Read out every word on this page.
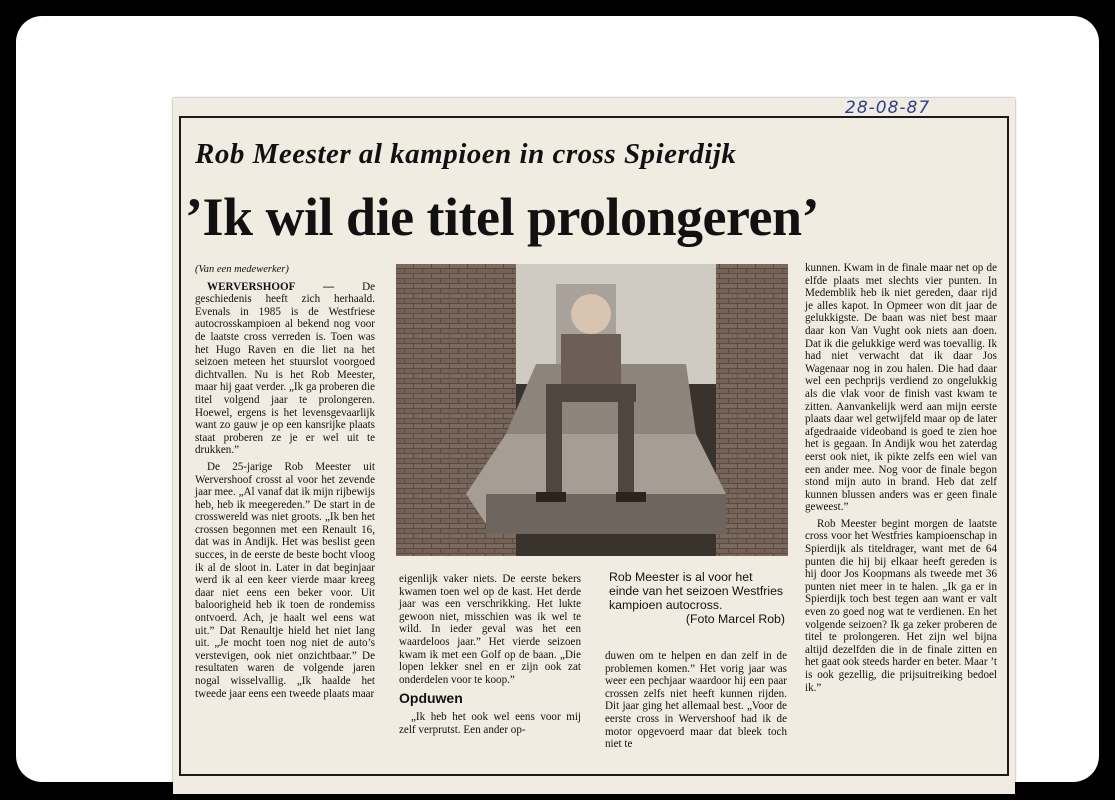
28-08-87
Rob Meester al kampioen in cross Spierdijk
’Ik wil die titel prolongeren’

(Van een medewerker)

WERVERSHOOF —	De geschiedenis heeft zich herhaald. Evenals in 1985 is de Westfriese autocrosskampioen al bekend nog voor de laatste cross verreden is. Toen was het Hugo Raven en die liet na het seizoen meteen het stuurslot voorgoed dichtvallen. Nu is het Rob Meester, maar hij gaat verder. „Ik ga proberen die titel volgend jaar te prolongeren. Hoewel, ergens is het levensgevaarlijk want zo gauw je op een kansrijke plaats staat proberen ze je er wel uit te drukken.”

De 25-jarige Rob Meester uit Wervershoof crosst al voor het zevende jaar mee. „Al vanaf dat ik mijn rijbewijs heb, heb ik meegereden.” De start in de crosswereld was niet groots. „Ik ben het crossen begonnen met een Renault 16, dat was in Andijk. Het was beslist geen succes, in de eerste de beste bocht vloog ik al de sloot in. Later in dat beginjaar werd ik al een keer vierde maar kreeg daar niet eens een beker voor. Uit baloorigheid heb ik toen de rondemiss ontvoerd. Ach, je haalt wel eens wat uit.” Dat Renaultje hield het niet lang uit. „Je mocht toen nog niet de auto’s verstevigen, ook niet onzichtbaar.” De resultaten waren de volgende jaren nogal wisselvallig. „Ik haalde het tweede jaar eens een tweede plaats maar

eigenlijk vaker niets. De eerste bekers kwamen toen wel op de kast. Het derde jaar was een verschrikking. Het lukte gewoon niet, misschien was ik wel te wild. In ieder geval was het een waardeloos jaar.” Het vierde seizoen kwam ik met een Golf op de baan. „Die lopen lekker snel en er zijn ook zat onderdelen voor te koop.”

Opduwen

„Ik heb het ook wel eens voor mij zelf verprutst. Een ander op-

Rob Meester is al voor het einde van het seizoen Westfries kampioen autocross.
(Foto Marcel Rob)

duwen om te helpen en dan zelf in de problemen komen.” Het vorig jaar was weer een pechjaar waardoor hij een paar crossen zelfs niet heeft kunnen rijden. Dit jaar ging het allemaal best. „Voor de eerste cross in Wervershoof had ik de motor opgevoerd maar dat bleek toch niet te

kunnen. Kwam in de finale maar net op de elfde plaats met slechts vier punten. In Medemblik heb ik niet gereden, daar rijd je alles kapot. In Opmeer won dit jaar de gelukkigste. De baan was niet best maar daar kon Van Vught ook niets aan doen. Dat ik die gelukkige werd was toevallig. Ik had niet verwacht dat ik daar Jos Wagenaar nog in zou halen. Die had daar wel een pechprijs verdiend zo ongelukkig als die vlak voor de finish vast kwam te zitten. Aanvankelijk werd aan mijn eerste plaats daar wel getwijfeld maar op de later afgedraaide videoband is goed te zien hoe het is gegaan. In Andijk wou het zaterdag eerst ook niet, ik pikte zelfs een wiel van een ander mee. Nog voor de finale begon stond mijn auto in brand. Heb dat zelf kunnen blussen anders was er geen finale geweest.”

Rob Meester begint morgen de laatste cross voor het Westfries kampioenschap in Spierdijk als titeldrager, want met de 64 punten die hij bij elkaar heeft gereden is hij door Jos Koopmans als tweede met 36 punten niet meer in te halen. „Ik ga er in Spierdijk toch best tegen aan want er valt even zo goed nog wat te verdienen. En het volgende seizoen? Ik ga zeker proberen de titel te prolongeren. Het zijn wel bijna altijd dezelfden die in de finale zitten en het gaat ook steeds harder en beter. Maar ’t is ook gezellig, die prijsuitreiking bedoel ik.”
